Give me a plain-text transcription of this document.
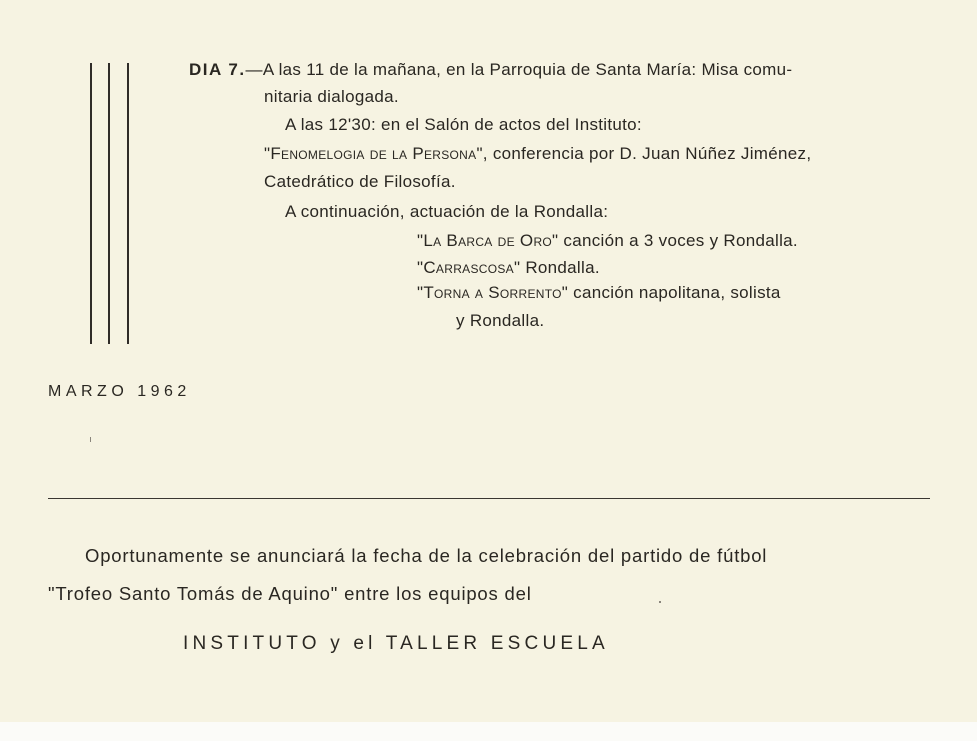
DIA 7.—A las 11 de la mañana, en la Parroquia de Santa María: Misa comu-
nitaria dialogada.
A las 12'30: en el Salón de actos del Instituto:
"Fenomelogia de la Persona", conferencia por D. Juan Núñez Jiménez,
Catedrático de Filosofía.
A continuación, actuación de la Rondalla:
"La Barca de Oro" canción a 3 voces y Rondalla.
"Carrascosa" Rondalla.
"Torna a Sorrento" canción napolitana, solista
y Rondalla.
MARZO 1962
Oportunamente se anunciará la fecha de la celebración del partido de fútbol
"Trofeo Santo Tomás de Aquino" entre los equipos del
INSTITUTO y el TALLER ESCUELA
